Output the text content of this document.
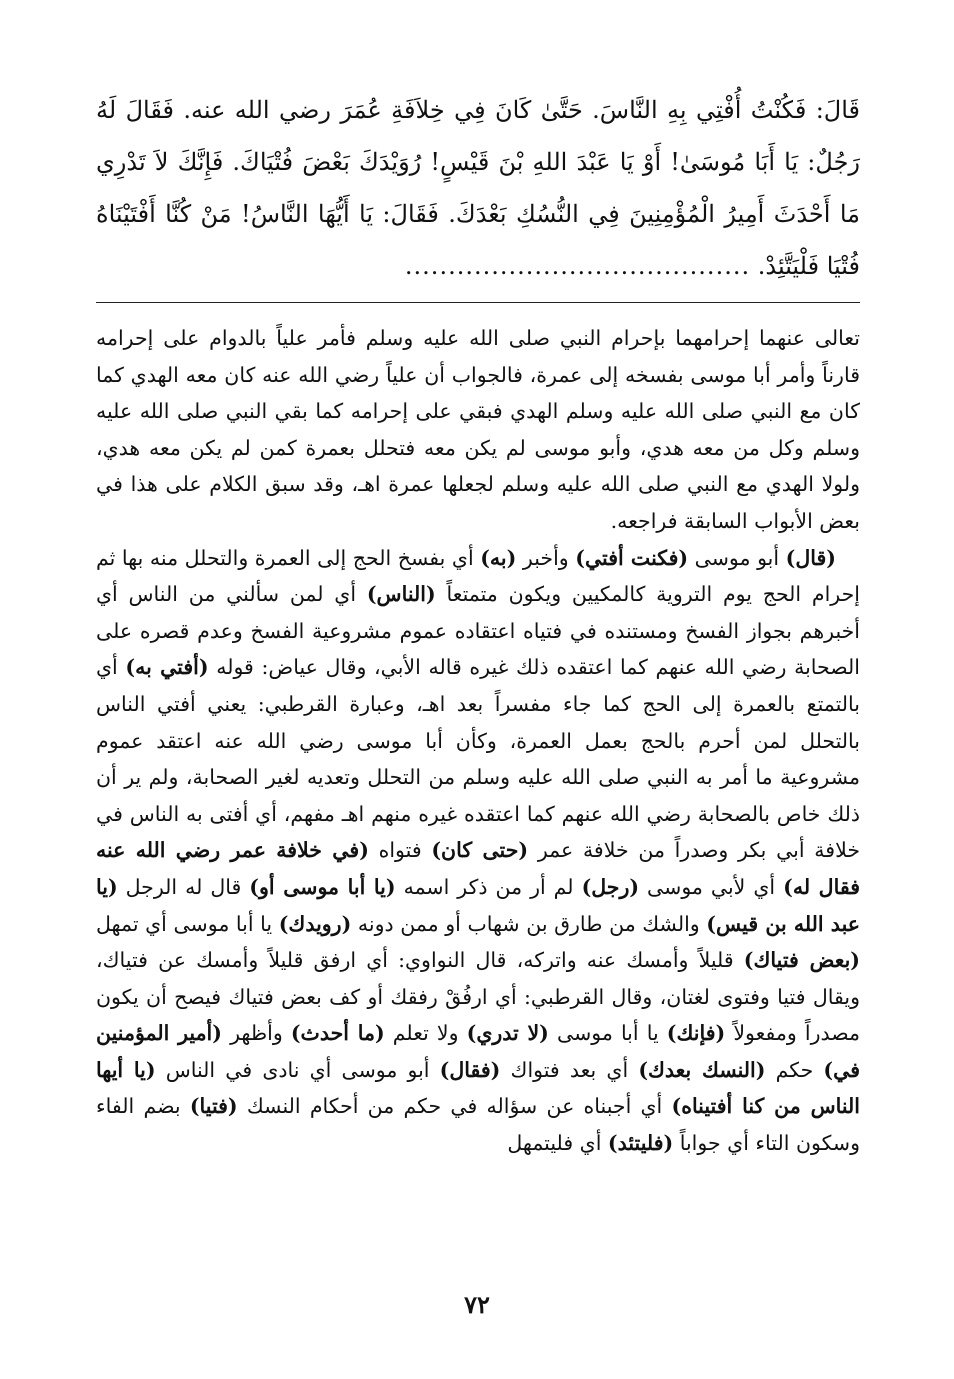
قَالَ: فَكُنْتُ أُفْتِي بِهِ النَّاسَ. حَتَّىٰ كَانَ فِي خِلاَفَةِ عُمَرَ رضي الله عنه. فَقَالَ لَهُ رَجُلٌ: يَا أَبَا مُوسَىٰ! أَوْ يَا عَبْدَ اللهِ بْنَ قَيْسٍ! رُوَيْدَكَ بَعْضَ فُتْيَاكَ. فَإِنَّكَ لاَ تَدْرِي مَا أَحْدَثَ أَمِيرُ الْمُؤْمِنِينَ فِي النُّسُكِ بَعْدَكَ. فَقَالَ: يَا أَيُّهَا النَّاسُ! مَنْ كُنَّا أَفْتَيْنَاهُ فُتْيَا فَلْيَتَّئِدْ. ........................................

تعالى عنهما إحرامهما بإحرام النبي صلى الله عليه وسلم فأمر علياً بالدوام على إحرامه قارناً وأمر أبا موسى بفسخه إلى عمرة، فالجواب أن علياً رضي الله عنه كان معه الهدي كما كان مع النبي صلى الله عليه وسلم الهدي فبقي على إحرامه كما بقي النبي صلى الله عليه وسلم وكل من معه هدي، وأبو موسى لم يكن معه فتحلل بعمرة كمن لم يكن معه هدي، ولولا الهدي مع النبي صلى الله عليه وسلم لجعلها عمرة اهـ، وقد سبق الكلام على هذا في بعض الأبواب السابقة فراجعه.

(قال) أبو موسى (فكنت أفتي) وأخبر (به) أي بفسخ الحج إلى العمرة والتحلل منه بها ثم إحرام الحج يوم التروية كالمكيين ويكون متمتعاً (الناس) أي لمن سألني من الناس أي أخبرهم بجواز الفسخ ومستنده في فتياه اعتقاده عموم مشروعية الفسخ وعدم قصره على الصحابة رضي الله عنهم كما اعتقده ذلك غيره قاله الأبي، وقال عياض: قوله (أفتي به) أي بالتمتع بالعمرة إلى الحج كما جاء مفسراً بعد اهـ، وعبارة القرطبي: يعني أفتي الناس بالتحلل لمن أحرم بالحج بعمل العمرة، وكأن أبا موسى رضي الله عنه اعتقد عموم مشروعية ما أمر به النبي صلى الله عليه وسلم من التحلل وتعديه لغير الصحابة، ولم ير أن ذلك خاص بالصحابة رضي الله عنهم كما اعتقده غيره منهم اهـ مفهم، أي أفتى به الناس في خلافة أبي بكر وصدراً من خلافة عمر (حتى كان) فتواه (في خلافة عمر رضي الله عنه فقال له) أي لأبي موسى (رجل) لم أر من ذكر اسمه (يا أبا موسى أو) قال له الرجل (يا عبد الله بن قيس) والشك من طارق بن شهاب أو ممن دونه (رويدك) يا أبا موسى أي تمهل (بعض فتياك) قليلاً وأمسك عنه واتركه، قال النواوي: أي ارفق قليلاً وأمسك عن فتياك، ويقال فتيا وفتوى لغتان، وقال القرطبي: أي ارفُقْ رفقك أو كف بعض فتياك فيصح أن يكون مصدراً ومفعولاً (فإنك) يا أبا موسى (لا تدري) ولا تعلم (ما أحدث) وأظهر (أمير المؤمنين في) حكم (النسك بعدك) أي بعد فتواك (فقال) أبو موسى أي نادى في الناس (يا أيها الناس من كنا أفتيناه) أي أجبناه عن سؤاله في حكم من أحكام النسك (فتيا) بضم الفاء وسكون التاء أي جواباً (فليتئد) أي فليتمهل

٧٢
